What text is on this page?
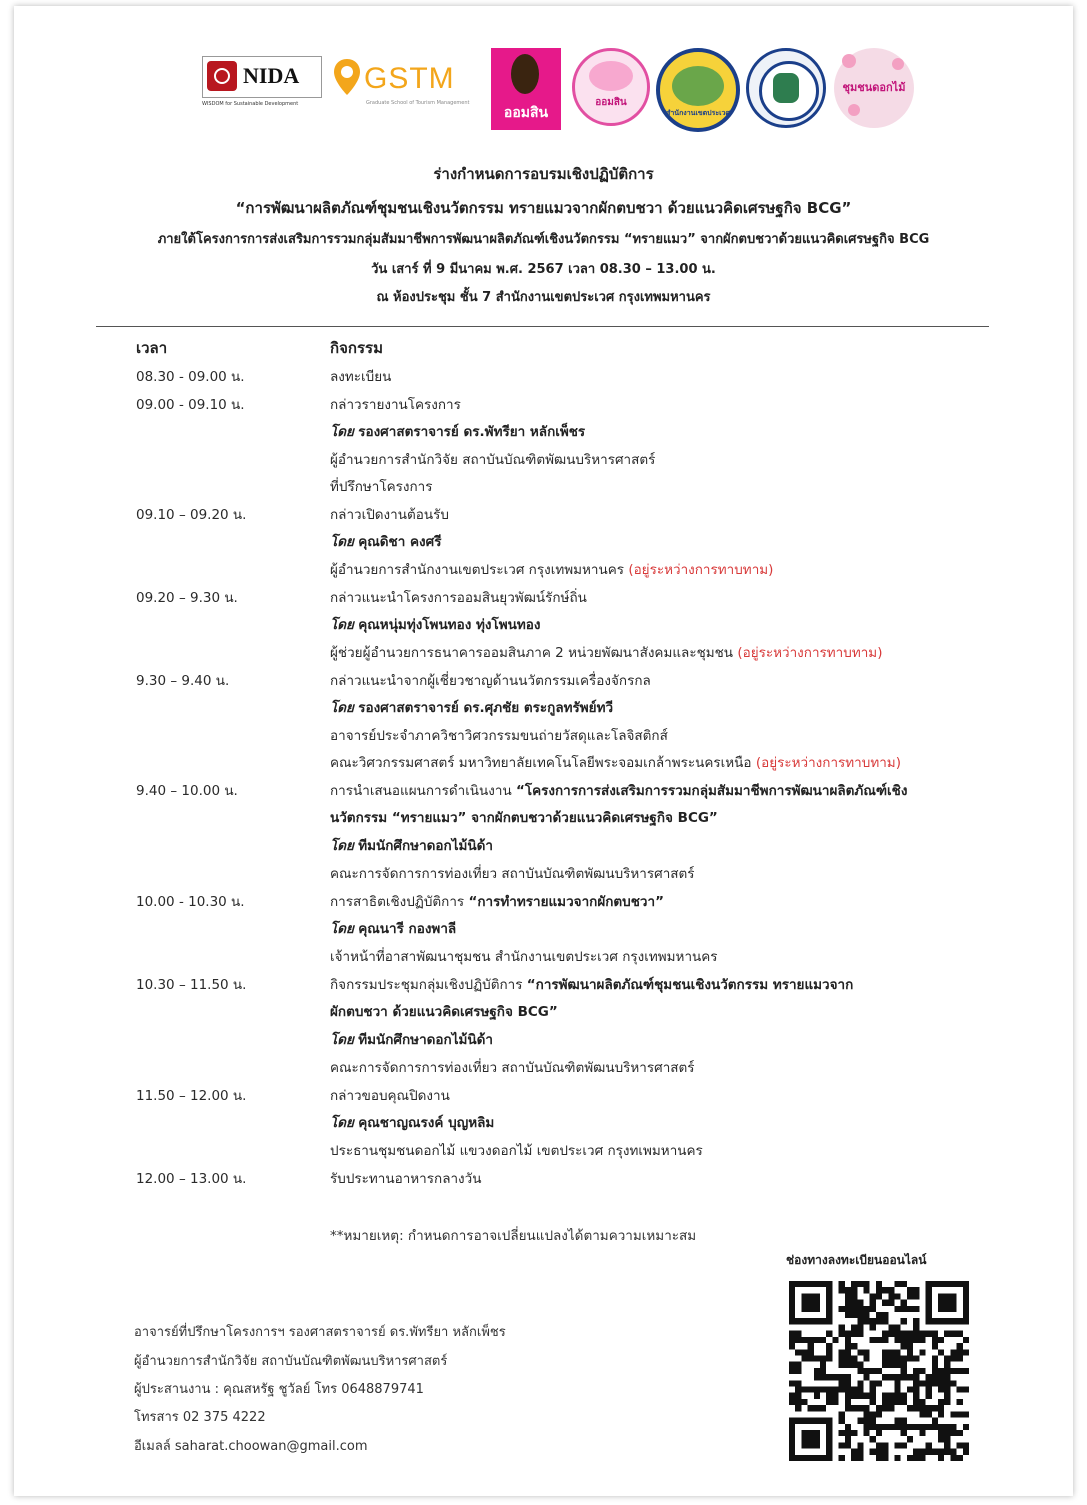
NIDA
WISDOM for Sustainable Development
GSTM
Graduate School of Tourism Management
ออมสิน
ออมสิน
สำนักงานเขตประเวศ
ชุมชนดอกไม้
ร่างกำหนดการอบรมเชิงปฏิบัติการ
“การพัฒนาผลิตภัณฑ์ชุมชนเชิงนวัตกรรม ทรายแมวจากผักตบชวา ด้วยแนวคิดเศรษฐกิจ BCG”
ภายใต้โครงการการส่งเสริมการรวมกลุ่มสัมมาชีพการพัฒนาผลิตภัณฑ์เชิงนวัตกรรม “ทรายแมว” จากผักตบชวาด้วยแนวคิดเศรษฐกิจ BCG
วัน เสาร์ ที่ 9 มีนาคม พ.ศ. 2567 เวลา 08.30 – 13.00 น.
ณ ห้องประชุม ชั้น 7 สำนักงานเขตประเวศ กรุงเทพมหานคร
เวลา	กิจกรรม
08.30 - 09.00 น.	ลงทะเบียน
09.00 - 09.10 น.	กล่าวรายงานโครงการ
โดย รองศาสตราจารย์ ดร.พัทรียา หลักเพ็ชร
ผู้อำนวยการสำนักวิจัย สถาบันบัณฑิตพัฒนบริหารศาสตร์
ที่ปรึกษาโครงการ
09.10 – 09.20 น.	กล่าวเปิดงานต้อนรับ
โดย คุณดิชา คงศรี
ผู้อำนวยการสำนักงานเขตประเวศ กรุงเทพมหานคร (อยู่ระหว่างการทาบทาม)
09.20 – 9.30 น.	กล่าวแนะนำโครงการออมสินยุวพัฒน์รักษ์ถิ่น
โดย คุณหนุ่มทุ่งโพนทอง ทุ่งโพนทอง
ผู้ช่วยผู้อำนวยการธนาคารออมสินภาค 2 หน่วยพัฒนาสังคมและชุมชน (อยู่ระหว่างการทาบทาม)
9.30 – 9.40 น.	กล่าวแนะนำจากผู้เชี่ยวชาญด้านนวัตกรรมเครื่องจักรกล
โดย รองศาสตราจารย์ ดร.ศุภชัย ตระกูลทรัพย์ทวี
อาจารย์ประจำภาควิชาวิศวกรรมขนถ่ายวัสดุและโลจิสติกส์
คณะวิศวกรรมศาสตร์ มหาวิทยาลัยเทคโนโลยีพระจอมเกล้าพระนครเหนือ (อยู่ระหว่างการทาบทาม)
9.40 – 10.00 น.	การนำเสนอแผนการดำเนินงาน “โครงการการส่งเสริมการรวมกลุ่มสัมมาชีพการพัฒนาผลิตภัณฑ์เชิง
นวัตกรรม “ทรายแมว” จากผักตบชวาด้วยแนวคิดเศรษฐกิจ BCG”
โดย ทีมนักศึกษาดอกไม้นิด้า
คณะการจัดการการท่องเที่ยว สถาบันบัณฑิตพัฒนบริหารศาสตร์
10.00 - 10.30 น.	การสาธิตเชิงปฏิบัติการ “การทำทรายแมวจากผักตบชวา”
โดย คุณนารี กองพาลี
เจ้าหน้าที่อาสาพัฒนาชุมชน สำนักงานเขตประเวศ กรุงเทพมหานคร
10.30 – 11.50 น.	กิจกรรมประชุมกลุ่มเชิงปฏิบัติการ “การพัฒนาผลิตภัณฑ์ชุมชนเชิงนวัตกรรม ทรายแมวจาก
ผักตบชวา ด้วยแนวคิดเศรษฐกิจ BCG”
โดย ทีมนักศึกษาดอกไม้นิด้า
คณะการจัดการการท่องเที่ยว สถาบันบัณฑิตพัฒนบริหารศาสตร์
11.50 – 12.00 น.	กล่าวขอบคุณปิดงาน
โดย คุณชาญณรงค์ บุญหลิม
ประธานชุมชนดอกไม้ แขวงดอกไม้ เขตประเวศ กรุงทเพมหานคร
12.00 – 13.00 น.	รับประทานอาหารกลางวัน
**หมายเหตุ: กำหนดการอาจเปลี่ยนแปลงได้ตามความเหมาะสม
ช่องทางลงทะเบียนออนไลน์
อาจารย์ที่ปรึกษาโครงการฯ รองศาสตราจารย์ ดร.พัทรียา หลักเพ็ชร
ผู้อำนวยการสำนักวิจัย สถาบันบัณฑิตพัฒนบริหารศาสตร์
ผู้ประสานงาน : คุณสหรัฐ ชูวัลย์ โทร 0648879741
โทรสาร 02 375 4222
อีเมลล์ saharat.choowan@gmail.com
